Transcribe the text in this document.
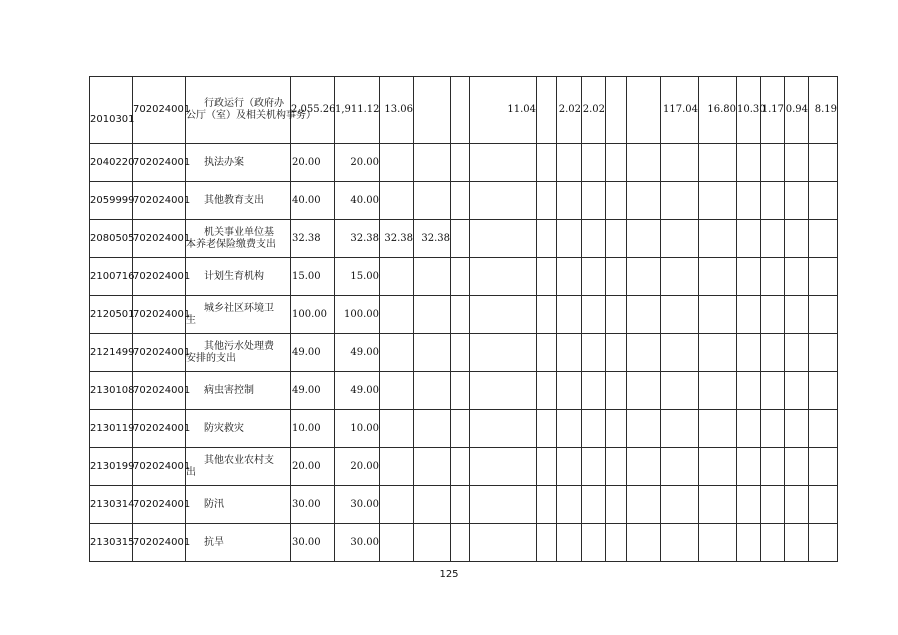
2010301	702024001	行政运行（政府办
公厅（室）及相关机构事务）	2,055.26	1,911.12	13.06			11.04		2.02	2.02			117.04	16.80	10.30	1.17	0.94	8.19
2040220	702024001	执法办案	20.00	20.00															
2059999	702024001	其他教育支出	40.00	40.00															
2080505	702024001	机关事业单位基
本养老保险缴费支出	32.38	32.38	32.38	32.38													
2100716	702024001	计划生育机构	15.00	15.00															
2120501	702024001	城乡社区环境卫
生	100.00	100.00															
2121499	702024001	其他污水处理费
安排的支出	49.00	49.00															
2130108	702024001	病虫害控制	49.00	49.00															
2130119	702024001	防灾救灾	10.00	10.00															
2130199	702024001	其他农业农村支
出	20.00	20.00															
2130314	702024001	防汛	30.00	30.00															
2130315	702024001	抗旱	30.00	30.00															
125
